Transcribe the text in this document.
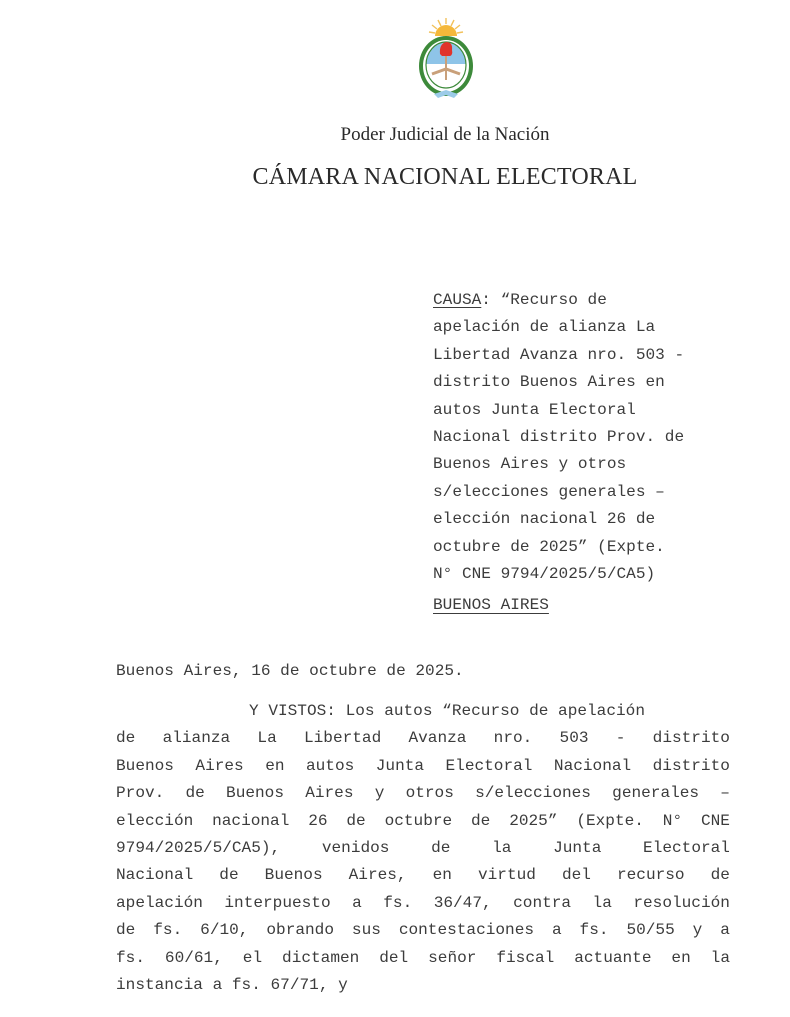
Poder Judicial de la Nación
CÁMARA NACIONAL ELECTORAL
CAUSA: “Recurso de
apelación de alianza La
Libertad Avanza nro. 503 -
distrito Buenos Aires en
autos Junta Electoral
Nacional distrito Prov. de
Buenos Aires y otros
s/elecciones generales –
elección nacional 26 de
octubre de 2025” (Expte.
N° CNE 9794/2025/5/CA5)
BUENOS AIRES
Buenos Aires, 16 de octubre de 2025.
Y VISTOS: Los autos “Recurso de apelación
de alianza La Libertad Avanza nro. 503 - distrito
Buenos Aires en autos Junta Electoral Nacional distrito
Prov. de Buenos Aires y otros s/elecciones generales –
elección nacional 26 de octubre de 2025” (Expte. N° CNE
9794/2025/5/CA5),	venidos	de	la	Junta	Electoral
Nacional de Buenos Aires, en virtud del recurso de
apelación interpuesto a fs. 36/47, contra la resolución
de fs. 6/10, obrando sus contestaciones a fs. 50/55 y a
fs. 60/61, el dictamen del señor fiscal actuante en la
instancia a fs. 67/71, y
